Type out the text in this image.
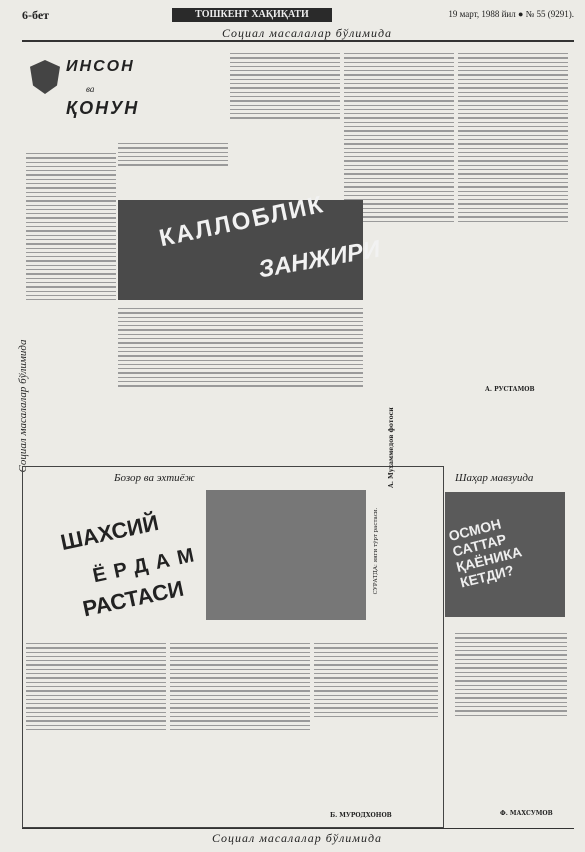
6-бет	ТОШКЕНТ ХАҚИҚАТИ	19 март, 1988 йил ● № 55 (9291).
Социал масалалар бўлимида
Социал масалалар бўлимида
ИНСОН
ва
ҚОНУН
А. РУСТАМОВ
КАЛЛОБЛИК
ЗАНЖИРИ
Бозор ва эхтиёж	Шаҳар мавзуида
ШАХСИЙ
ЁРДАМ
РАСТАСИ
СУРАТДА: янги тўрт растаси.
А. Мухаммедов фотоси
ОСМОН САТТАР ҚАЁНИКА КЕТДИ?
Б. МУРОДХОНОВ	Ф. МАХСУМОВ
Социал масалалар бўлимида
